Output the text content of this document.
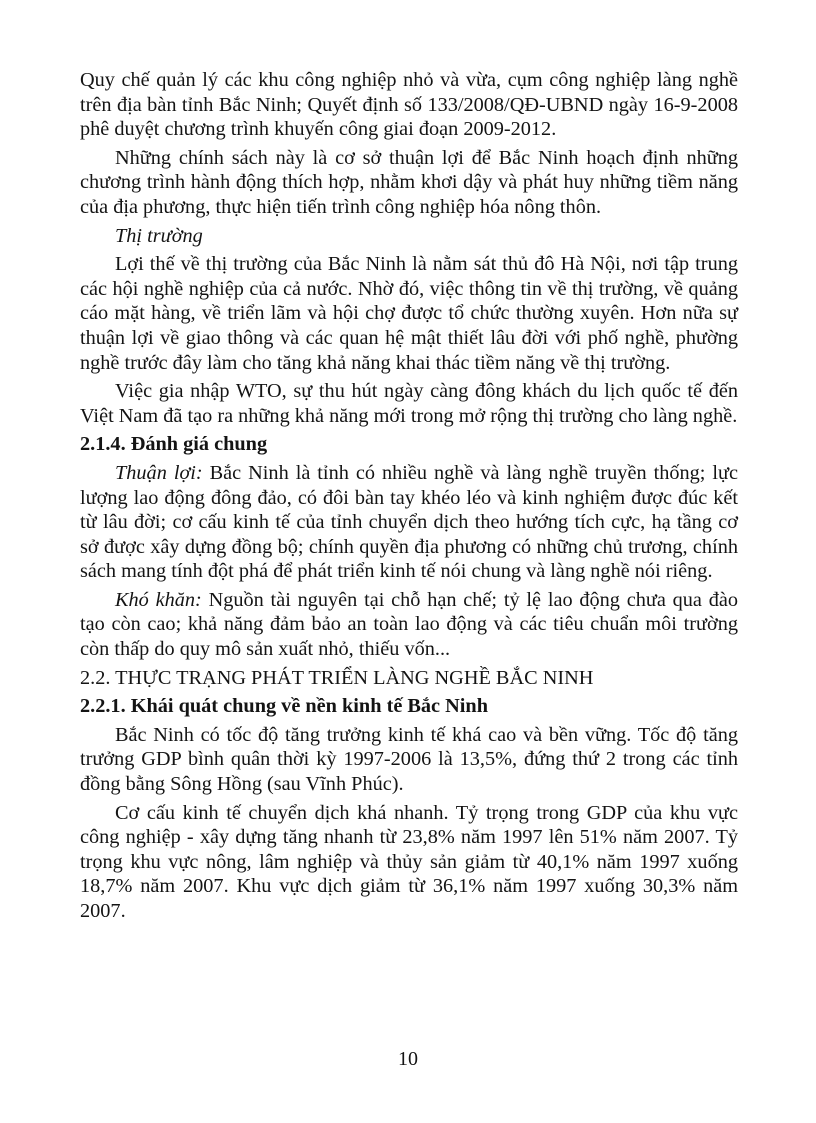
Quy chế quản lý các khu công nghiệp nhỏ và vừa, cụm công nghiệp làng nghề trên địa bàn tỉnh Bắc Ninh; Quyết định số 133/2008/QĐ-UBND ngày 16-9-2008 phê duyệt chương trình khuyến công giai đoạn 2009-2012.

Những chính sách này là cơ sở thuận lợi để Bắc Ninh hoạch định những chương trình hành động thích hợp, nhằm khơi dậy và phát huy những tiềm năng của địa phương, thực hiện tiến trình công nghiệp hóa nông thôn.

Thị trường

Lợi thế về thị trường của Bắc Ninh là nằm sát thủ đô Hà Nội, nơi tập trung các hội nghề nghiệp của cả nước. Nhờ đó, việc thông tin về thị trường, về quảng cáo mặt hàng, về triển lãm và hội chợ được tổ chức thường xuyên. Hơn nữa sự thuận lợi về giao thông và các quan hệ mật thiết lâu đời với phố nghề, phường nghề trước đây làm cho tăng khả năng khai thác tiềm năng về thị trường.

Việc gia nhập WTO, sự thu hút ngày càng đông khách du lịch quốc tế đến Việt Nam đã tạo ra những khả năng mới trong mở rộng thị trường cho làng nghề.

2.1.4. Đánh giá chung

Thuận lợi: Bắc Ninh là tỉnh có nhiều nghề và làng nghề truyền thống; lực lượng lao động đông đảo, có đôi bàn tay khéo léo và kinh nghiệm được đúc kết từ lâu đời; cơ cấu kinh tế của tỉnh chuyển dịch theo hướng tích cực, hạ tầng cơ sở được xây dựng đồng bộ; chính quyền địa phương có những chủ trương, chính sách mang tính đột phá để phát triển kinh tế nói chung và làng nghề nói riêng.

Khó khăn: Nguồn tài nguyên tại chỗ hạn chế; tỷ lệ lao động chưa qua đào tạo còn cao; khả năng đảm bảo an toàn lao động và các tiêu chuẩn môi trường còn thấp do quy mô sản xuất nhỏ, thiếu vốn...

2.2. THỰC TRẠNG PHÁT TRIỂN LÀNG NGHỀ BẮC NINH

2.2.1. Khái quát chung về nền kinh tế Bắc Ninh

Bắc Ninh có tốc độ tăng trưởng kinh tế khá cao và bền vững. Tốc độ tăng trưởng GDP bình quân thời kỳ 1997-2006 là 13,5%, đứng thứ 2 trong các tỉnh đồng bằng Sông Hồng (sau Vĩnh Phúc).

Cơ cấu kinh tế chuyển dịch khá nhanh. Tỷ trọng trong GDP của khu vực công nghiệp - xây dựng tăng nhanh từ 23,8% năm 1997 lên 51% năm 2007. Tỷ trọng khu vực nông, lâm nghiệp và thủy sản giảm từ 40,1% năm 1997 xuống 18,7% năm 2007. Khu vực dịch giảm từ 36,1% năm 1997 xuống 30,3% năm 2007.

10
